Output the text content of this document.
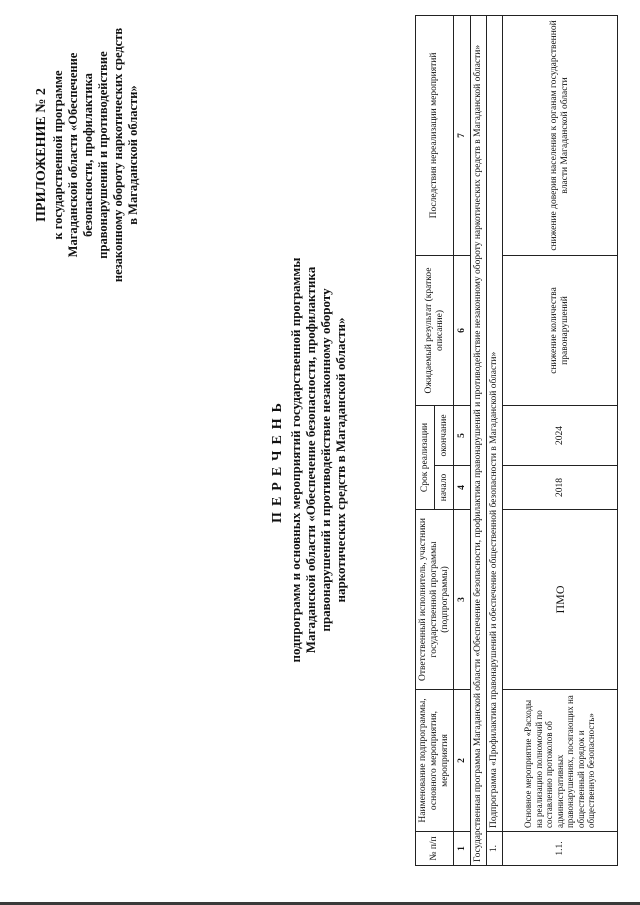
ПРИЛОЖЕНИЕ № 2 к государственной программе Магаданской области «Обеспечение безопасности, профилактика правонарушений и противодействие незаконному обороту наркотических средств в Магаданской области»
ПЕРЕЧЕНЬ подпрограмм и основных мероприятий государственной программы Магаданской области «Обеспечение безопасности, профилактика правонарушений и противодействие незаконному обороту наркотических средств в Магаданской области»
№ п/п	Наименование подпрограммы, основного мероприятия, мероприятия	Ответственный исполнитель, участники государственной программы (подпрограммы)	Срок реализации		Ожидаемый результат (краткое описание)	Последствия нереализации мероприятий
			начало	окончание		
1	2	3	4	5	6	7
Государственная программа Магаданской области «Обеспечение безопасности, профилактика правонарушений и противодействие незаконному обороту наркотических средств в Магаданской области»						
1.	Подпрограмма «Профилактика правонарушений и обеспечение общественной безопасности в Магаданской области»					
1.1.	Основное мероприятие «Расходы на реализацию полномочий по составлению протоколов об административных правонарушениях, посягающих на общественный порядок и общественную безопасность»	ПМО	2018	2024	снижение количества правонарушений	снижение доверия населения к органам государственной власти Магаданской области
